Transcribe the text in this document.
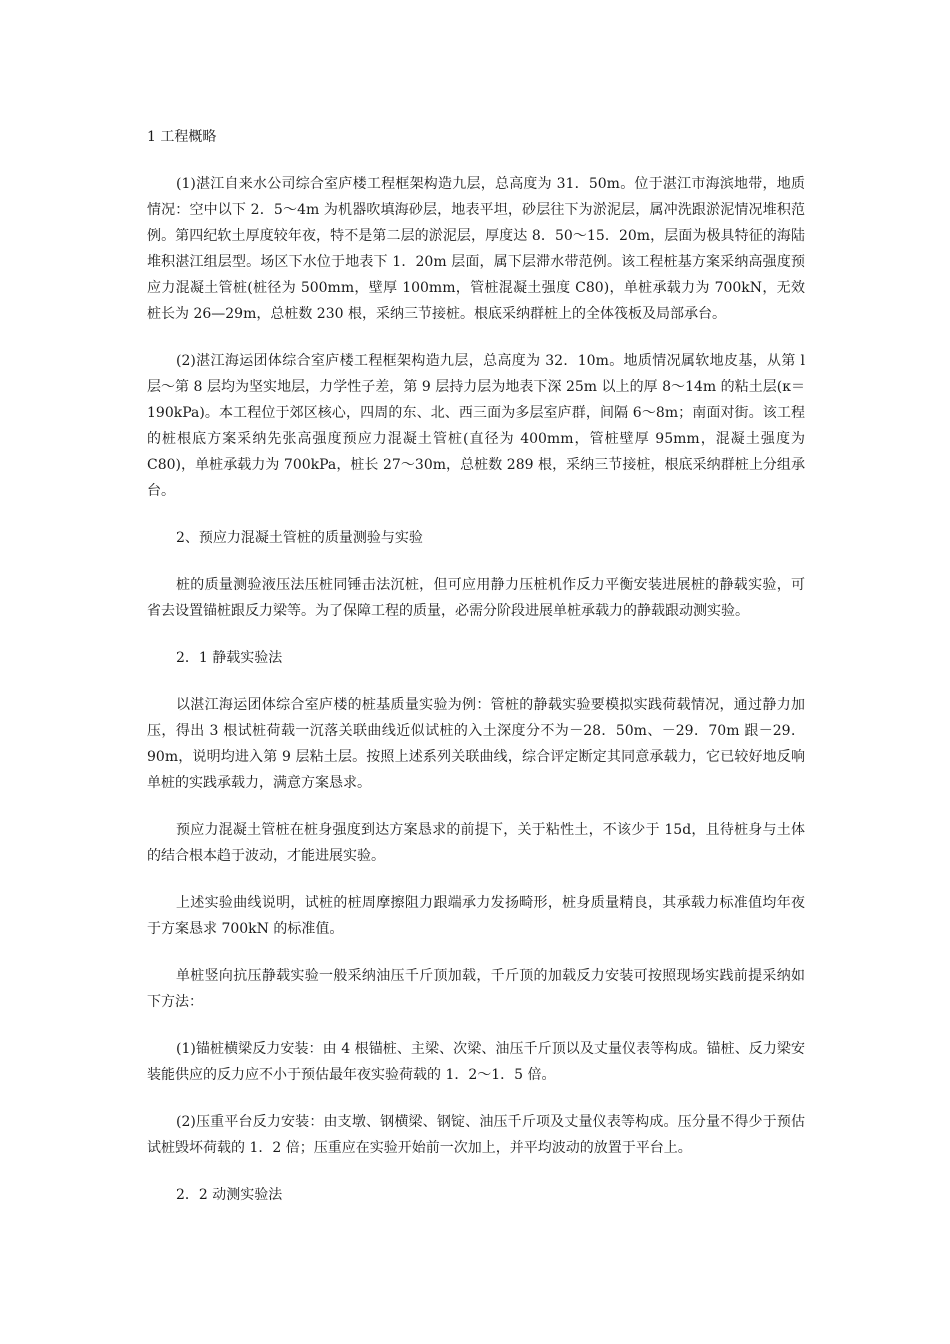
1 工程概略

(1)湛江自来水公司综合室庐楼工程框架构造九层，总高度为 31．50m。位于湛江市海滨地带，地质情况：空中以下 2．5～4m 为机器吹填海砂层，地表平坦，砂层往下为淤泥层，属冲洗跟淤泥情况堆积范例。第四纪软土厚度较年夜，特不是第二层的淤泥层，厚度达 8．50～15．20m，层面为极具特征的海陆堆积湛江组层型。场区下水位于地表下 1．20m 层面，属下层滞水带范例。该工程桩基方案采纳高强度预应力混凝土管桩(桩径为 500mm，壁厚 100mm，管桩混凝土强度 C80)，单桩承载力为 700kN，无效桩长为 26—29m，总桩数 230 根，采纳三节接桩。根底采纳群桩上的全体筏板及局部承台。

(2)湛江海运团体综合室庐楼工程框架构造九层，总高度为 32．10m。地质情况属软地皮基，从第 l 层～第 8 层均为坚实地层，力学性子差，第 9 层持力层为地表下深 25m 以上的厚 8～14m 的粘土层(κ＝190kPa)。本工程位于郊区核心，四周的东、北、西三面为多层室庐群，间隔 6～8m；南面对街。该工程的桩根底方案采纳先张高强度预应力混凝土管桩(直径为 400mm，管桩壁厚 95mm，混凝土强度为 C80)，单桩承载力为 700kPa，桩长 27～30m，总桩数 289 根，采纳三节接桩，根底采纳群桩上分组承台。

2、预应力混凝土管桩的质量测验与实验

桩的质量测验液压法压桩同锤击法沉桩，但可应用静力压桩机作反力平衡安装进展桩的静载实验，可省去设置锚桩跟反力梁等。为了保障工程的质量，必需分阶段进展单桩承载力的静载跟动测实验。

2．1 静载实验法

以湛江海运团体综合室庐楼的桩基质量实验为例：管桩的静载实验要模拟实践荷载情况，通过静力加压，得出 3 根试桩荷载一沉落关联曲线近似试桩的入土深度分不为－28．50m、－29．70m 跟－29．90m，说明均进入第 9 层粘土层。按照上述系列关联曲线，综合评定断定其同意承载力，它已较好地反响单桩的实践承载力，满意方案恳求。

预应力混凝土管桩在桩身强度到达方案恳求的前提下，关于粘性土，不该少于 15d，且待桩身与土体的结合根本趋于波动，才能进展实验。

上述实验曲线说明，试桩的桩周摩擦阻力跟端承力发扬畸形，桩身质量精良，其承载力标准值均年夜于方案恳求 700kN 的标准值。

单桩竖向抗压静载实验一般采纳油压千斤顶加载，千斤顶的加载反力安装可按照现场实践前提采纳如下方法：

(1)锚桩横梁反力安装：由 4 根锚桩、主梁、次梁、油压千斤顶以及丈量仪表等构成。锚桩、反力梁安装能供应的反力应不小于预估最年夜实验荷载的 1．2～1．5 倍。

(2)压重平台反力安装：由支墩、钢横梁、钢锭、油压千斤项及丈量仪表等构成。压分量不得少于预估试桩毁坏荷载的 1．2 倍；压重应在实验开始前一次加上，并平均波动的放置于平台上。

2．2 动测实验法
